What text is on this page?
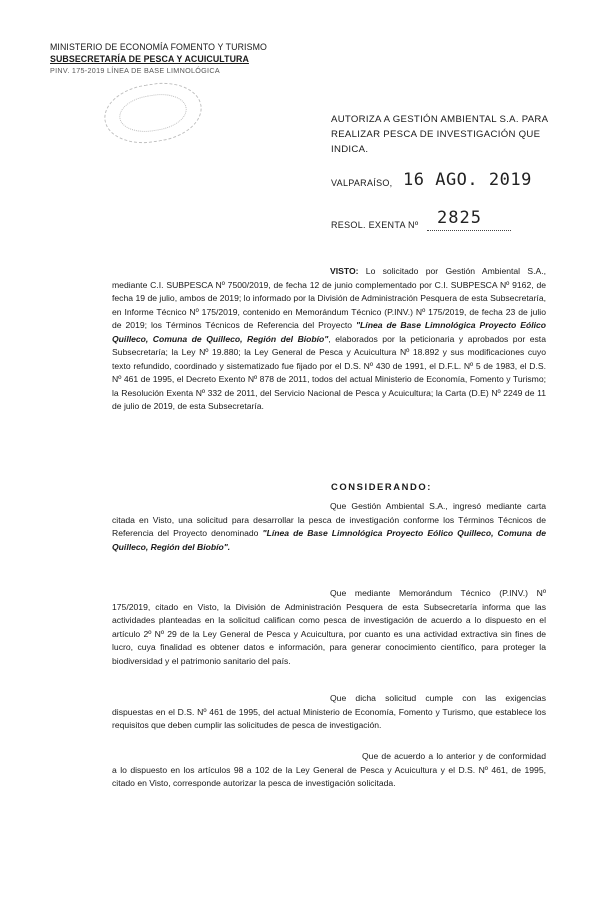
MINISTERIO DE ECONOMÍA FOMENTO Y TURISMO
SUBSECRETARÍA DE PESCA Y ACUICULTURA
PINV. 175-2019 LÍNEA DE BASE LIMNOLÓGICA
AUTORIZA A GESTIÓN AMBIENTAL S.A. PARA REALIZAR PESCA DE INVESTIGACIÓN QUE INDICA.
VALPARAÍSO, 16 AGO. 2019
RESOL. EXENTA Nº 2825
VISTO: Lo solicitado por Gestión Ambiental S.A., mediante C.I. SUBPESCA Nº 7500/2019, de fecha 12 de junio complementado por C.I. SUBPESCA Nº 9162, de fecha 19 de julio, ambos de 2019; lo informado por la División de Administración Pesquera de esta Subsecretaría, en Informe Técnico Nº 175/2019, contenido en Memorándum Técnico (P.INV.) Nº 175/2019, de fecha 23 de julio de 2019; los Términos Técnicos de Referencia del Proyecto "Línea de Base Limnológica Proyecto Eólico Quilleco, Comuna de Quilleco, Región del Biobío", elaborados por la peticionaria y aprobados por esta Subsecretaría; la Ley Nº 19.880; la Ley General de Pesca y Acuicultura Nº 18.892 y sus modificaciones cuyo texto refundido, coordinado y sistematizado fue fijado por el D.S. Nº 430 de 1991, el D.F.L. Nº 5 de 1983, el D.S. Nº 461 de 1995, el Decreto Exento Nº 878 de 2011, todos del actual Ministerio de Economía, Fomento y Turismo; la Resolución Exenta Nº 332 de 2011, del Servicio Nacional de Pesca y Acuicultura; la Carta (D.E) Nº 2249 de 11 de julio de 2019, de esta Subsecretaría.
CONSIDERANDO:
Que Gestión Ambiental S.A., ingresó mediante carta citada en Visto, una solicitud para desarrollar la pesca de investigación conforme los Términos Técnicos de Referencia del Proyecto denominado "Línea de Base Limnológica Proyecto Eólico Quilleco, Comuna de Quilleco, Región del Biobío".
Que mediante Memorándum Técnico (P.INV.) Nº 175/2019, citado en Visto, la División de Administración Pesquera de esta Subsecretaría informa que las actividades planteadas en la solicitud califican como pesca de investigación de acuerdo a lo dispuesto en el artículo 2º Nº 29 de la Ley General de Pesca y Acuicultura, por cuanto es una actividad extractiva sin fines de lucro, cuya finalidad es obtener datos e información, para generar conocimiento científico, para proteger la biodiversidad y el patrimonio sanitario del país.
Que dicha solicitud cumple con las exigencias dispuestas en el D.S. Nº 461 de 1995, del actual Ministerio de Economía, Fomento y Turismo, que establece los requisitos que deben cumplir las solicitudes de pesca de investigación.
Que de acuerdo a lo anterior y de conformidad a lo dispuesto en los artículos 98 a 102 de la Ley General de Pesca y Acuicultura y el D.S. Nº 461, de 1995, citado en Visto, corresponde autorizar la pesca de investigación solicitada.
